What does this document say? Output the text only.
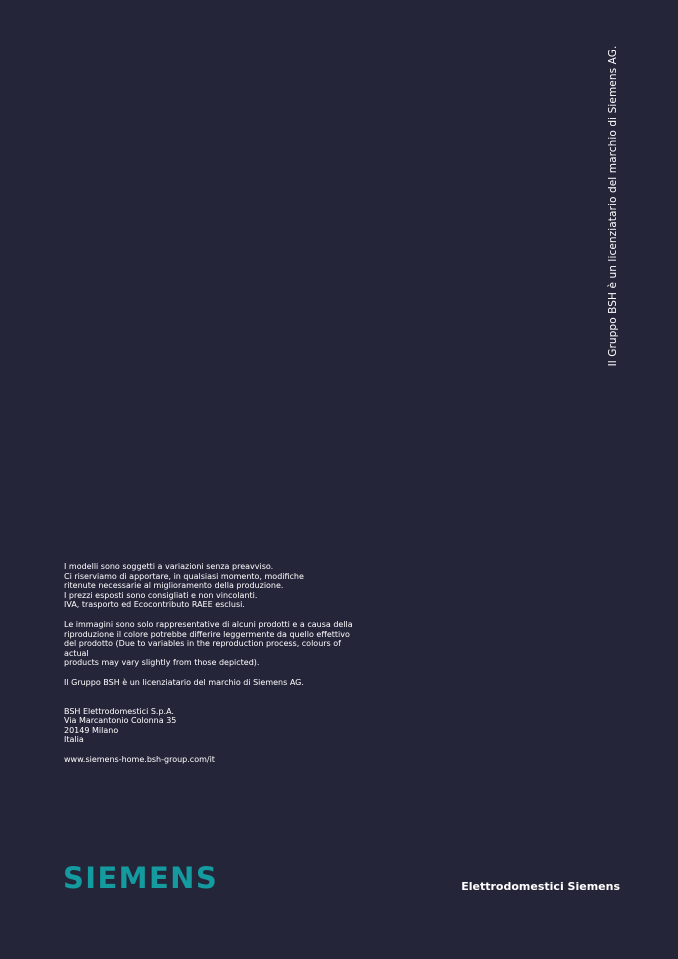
Il Gruppo BSH è un licenziatario del marchio di Siemens AG.

I modelli sono soggetti a variazioni senza preavviso.

Ci riserviamo di apportare, in qualsiasi momento, modifiche

ritenute necessarie al miglioramento della produzione.

I prezzi esposti sono consigliati e non vincolanti.

IVA, trasporto ed Ecocontributo RAEE esclusi.

Le immagini sono solo rappresentative di alcuni prodotti e a causa della

riproduzione il colore potrebbe differire leggermente da quello effettivo

del prodotto (Due to variables in the reproduction process, colours of actual

products may vary slightly from those depicted).

Il Gruppo BSH è un licenziatario del marchio di Siemens AG.

BSH Elettrodomestici S.p.A.

Via Marcantonio Colonna 35

20149 Milano

Italia

www.siemens-home.bsh-group.com/it

SIEMENS	Elettrodomestici Siemens
